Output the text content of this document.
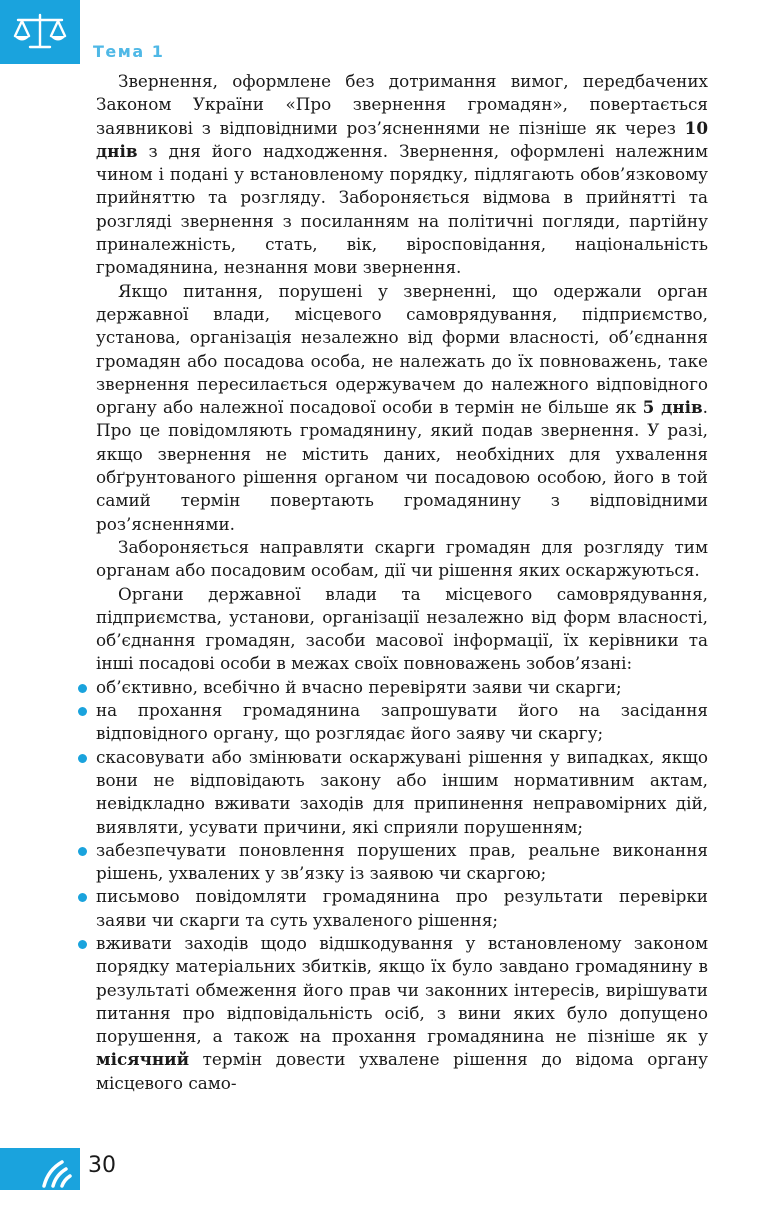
Тема 1

Звернення, оформлене без дотримання вимог, передбачених Законом України «Про звернення громадян», повертається заявникові з відповідними роз’ясненнями не пізніше як через 10 днів з дня його надходження. Звернення, оформлені належним чином і подані у встановленому порядку, підлягають обов’язковому прийняттю та розгляду. Забороняється відмова в прийнятті та розгляді звернення з посиланням на політичні погляди, партійну приналежність, стать, вік, віросповідання, національність громадянина, незнання мови звернення.

Якщо питання, порушені у зверненні, що одержали орган державної влади, місцевого самоврядування, підприємство, установа, організація незалежно від форми власності, об’єднання громадян або посадова особа, не належать до їх повноважень, таке звернення пересилається одержувачем до належного відповідного органу або належної посадової особи в термін не більше як 5 днів. Про це повідомляють громадянину, який подав звернення. У разі, якщо звернення не містить даних, необхідних для ухвалення обґрунтованого рішення органом чи посадовою особою, його в той самий термін повертають громадянину з відповідними роз’ясненнями.

Забороняється направляти скарги громадян для розгляду тим органам або посадовим особам, дії чи рішення яких оскаржуються.

Органи державної влади та місцевого самоврядування, підприємства, установи, організації незалежно від форм власності, об’єднання громадян, засоби масової інформації, їх керівники та інші посадові особи в межах своїх повноважень зобов’язані:

об’єктивно, всебічно й вчасно перевіряти заяви чи скарги;
на прохання громадянина запрошувати його на засідання відповідного органу, що розглядає його заяву чи скаргу;
скасовувати або змінювати оскаржувані рішення у випадках, якщо вони не відповідають закону або іншим нормативним актам, невідкладно вживати заходів для припинення неправомірних дій, виявляти, усувати причини, які сприяли порушенням;
забезпечувати поновлення порушених прав, реальне виконання рішень, ухвалених у зв’язку із заявою чи скаргою;
письмово повідомляти громадянина про результати перевірки заяви чи скарги та суть ухваленого рішення;
вживати заходів щодо відшкодування у встановленому законом порядку матеріальних збитків, якщо їх було завдано громадянину в результаті обмеження його прав чи законних інтересів, вирішувати питання про відповідальність осіб, з вини яких було допущено порушення, а також на прохання громадянина не пізніше як у місячний термін довести ухвалене рішення до відома органу місцевого само-
30
